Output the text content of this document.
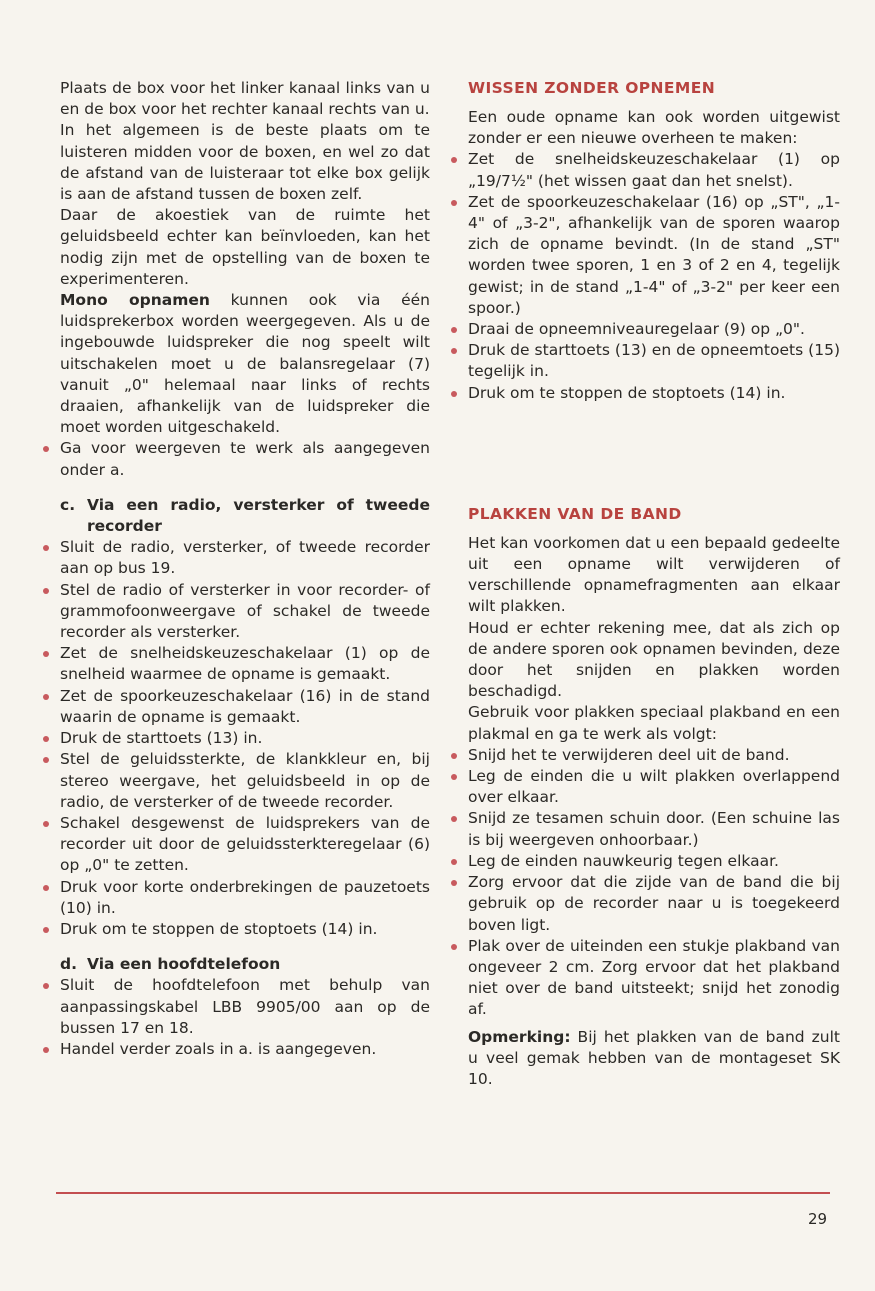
Plaats de box voor het linker kanaal links van u en de box voor het rechter kanaal rechts van u.

In het algemeen is de beste plaats om te luisteren midden voor de boxen, en wel zo dat de afstand van de luisteraar tot elke box gelijk is aan de afstand tussen de boxen zelf.

Daar de akoestiek van de ruimte het geluidsbeeld echter kan beïnvloeden, kan het nodig zijn met de opstelling van de boxen te experimenteren.

Mono opnamen kunnen ook via één luidsprekerbox worden weergegeven. Als u de ingebouwde luidspreker die nog speelt wilt uitschakelen moet u de balansregelaar (7) vanuit „0" helemaal naar links of rechts draaien, afhankelijk van de luidspreker die moet worden uitgeschakeld.

Ga voor weergeven te werk als aangegeven onder a.

c. Via een radio, versterker of tweede recorder

Sluit de radio, versterker, of tweede recorder aan op bus 19.

Stel de radio of versterker in voor recorder- of grammofoonweergave of schakel de tweede recorder als versterker.

Zet de snelheidskeuzeschakelaar (1) op de snelheid waarmee de opname is gemaakt.

Zet de spoorkeuzeschakelaar (16) in de stand waarin de opname is gemaakt.

Druk de starttoets (13) in.

Stel de geluidssterkte, de klankkleur en, bij stereo weergave, het geluidsbeeld in op de radio, de versterker of de tweede recorder.

Schakel desgewenst de luidsprekers van de recorder uit door de geluidssterkteregelaar (6) op „0" te zetten.

Druk voor korte onderbrekingen de pauzetoets (10) in.

Druk om te stoppen de stoptoets (14) in.

d. Via een hoofdtelefoon

Sluit de hoofdtelefoon met behulp van aanpassingskabel LBB 9905/00 aan op de bussen 17 en 18.

Handel verder zoals in a. is aangegeven.

WISSEN ZONDER OPNEMEN

Een oude opname kan ook worden uitgewist zonder er een nieuwe overheen te maken:

Zet de snelheidskeuzeschakelaar (1) op „19/7½" (het wissen gaat dan het snelst).

Zet de spoorkeuzeschakelaar (16) op „ST", „1-4" of „3-2", afhankelijk van de sporen waarop zich de opname bevindt. (In de stand „ST" worden twee sporen, 1 en 3 of 2 en 4, tegelijk gewist; in de stand „1-4" of „3-2" per keer een spoor.)

Draai de opneemniveauregelaar (9) op „0".

Druk de starttoets (13) en de opneemtoets (15) tegelijk in.

Druk om te stoppen de stoptoets (14) in.

PLAKKEN VAN DE BAND

Het kan voorkomen dat u een bepaald gedeelte uit een opname wilt verwijderen of verschillende opnamefragmenten aan elkaar wilt plakken.

Houd er echter rekening mee, dat als zich op de andere sporen ook opnamen bevinden, deze door het snijden en plakken worden beschadigd.

Gebruik voor plakken speciaal plakband en een plakmal en ga te werk als volgt:

Snijd het te verwijderen deel uit de band.

Leg de einden die u wilt plakken overlappend over elkaar.

Snijd ze tesamen schuin door. (Een schuine las is bij weergeven onhoorbaar.)

Leg de einden nauwkeurig tegen elkaar.

Zorg ervoor dat die zijde van de band die bij gebruik op de recorder naar u is toegekeerd boven ligt.

Plak over de uiteinden een stukje plakband van ongeveer 2 cm. Zorg ervoor dat het plakband niet over de band uitsteekt; snijd het zonodig af.

Opmerking: Bij het plakken van de band zult u veel gemak hebben van de montageset SK 10.

29
